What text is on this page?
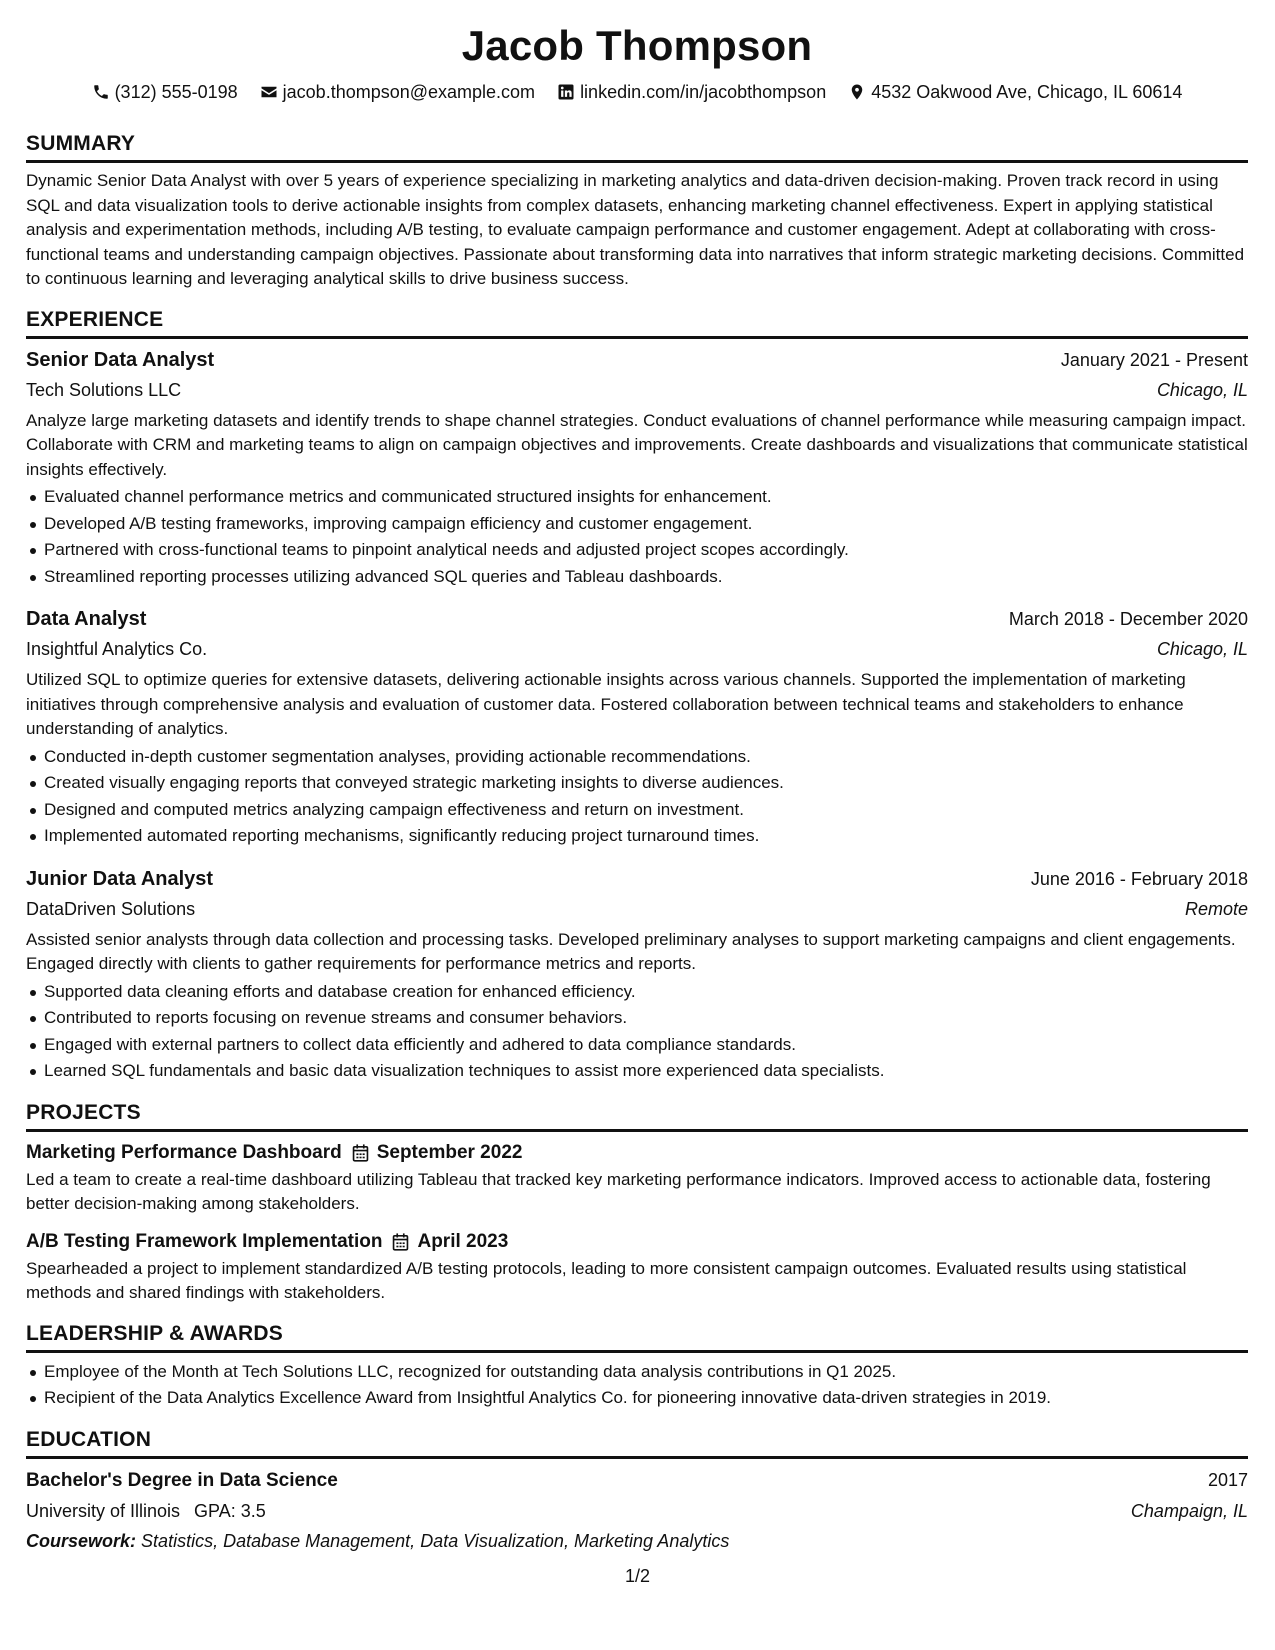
Jacob Thompson
(312) 555-0198	jacob.thompson@example.com	linkedin.com/in/jacobthompson	4532 Oakwood Ave, Chicago, IL 60614
SUMMARY

Dynamic Senior Data Analyst with over 5 years of experience specializing in marketing analytics and data-driven decision-making. Proven track record in using SQL and data visualization tools to derive actionable insights from complex datasets, enhancing marketing channel effectiveness. Expert in applying statistical analysis and experimentation methods, including A/B testing, to evaluate campaign performance and customer engagement. Adept at collaborating with cross-functional teams and understanding campaign objectives. Passionate about transforming data into narratives that inform strategic marketing decisions. Committed to continuous learning and leveraging analytical skills to drive business success.

EXPERIENCE
Senior Data Analyst	January 2021 - Present
Tech Solutions LLC	Chicago, IL

Analyze large marketing datasets and identify trends to shape channel strategies. Conduct evaluations of channel performance while measuring campaign impact. Collaborate with CRM and marketing teams to align on campaign objectives and improvements. Create dashboards and visualizations that communicate statistical insights effectively.

Evaluated channel performance metrics and communicated structured insights for enhancement.
Developed A/B testing frameworks, improving campaign efficiency and customer engagement.
Partnered with cross-functional teams to pinpoint analytical needs and adjusted project scopes accordingly.
Streamlined reporting processes utilizing advanced SQL queries and Tableau dashboards.
Data Analyst	March 2018 - December 2020
Insightful Analytics Co.	Chicago, IL

Utilized SQL to optimize queries for extensive datasets, delivering actionable insights across various channels. Supported the implementation of marketing initiatives through comprehensive analysis and evaluation of customer data. Fostered collaboration between technical teams and stakeholders to enhance understanding of analytics.

Conducted in-depth customer segmentation analyses, providing actionable recommendations.
Created visually engaging reports that conveyed strategic marketing insights to diverse audiences.
Designed and computed metrics analyzing campaign effectiveness and return on investment.
Implemented automated reporting mechanisms, significantly reducing project turnaround times.
Junior Data Analyst	June 2016 - February 2018
DataDriven Solutions	Remote

Assisted senior analysts through data collection and processing tasks. Developed preliminary analyses to support marketing campaigns and client engagements. Engaged directly with clients to gather requirements for performance metrics and reports.

Supported data cleaning efforts and database creation for enhanced efficiency.
Contributed to reports focusing on revenue streams and consumer behaviors.
Engaged with external partners to collect data efficiently and adhered to data compliance standards.
Learned SQL fundamentals and basic data visualization techniques to assist more experienced data specialists.
PROJECTS
Marketing Performance Dashboard September 2022

Led a team to create a real-time dashboard utilizing Tableau that tracked key marketing performance indicators. Improved access to actionable data, fostering better decision-making among stakeholders.

A/B Testing Framework Implementation April 2023

Spearheaded a project to implement standardized A/B testing protocols, leading to more consistent campaign outcomes. Evaluated results using statistical methods and shared findings with stakeholders.

LEADERSHIP & AWARDS
Employee of the Month at Tech Solutions LLC, recognized for outstanding data analysis contributions in Q1 2025.
Recipient of the Data Analytics Excellence Award from Insightful Analytics Co. for pioneering innovative data-driven strategies in 2019.
EDUCATION
Bachelor's Degree in Data Science	2017
University of Illinois GPA: 3.5	Champaign, IL
Coursework: Statistics, Database Management, Data Visualization, Marketing Analytics
1/2
